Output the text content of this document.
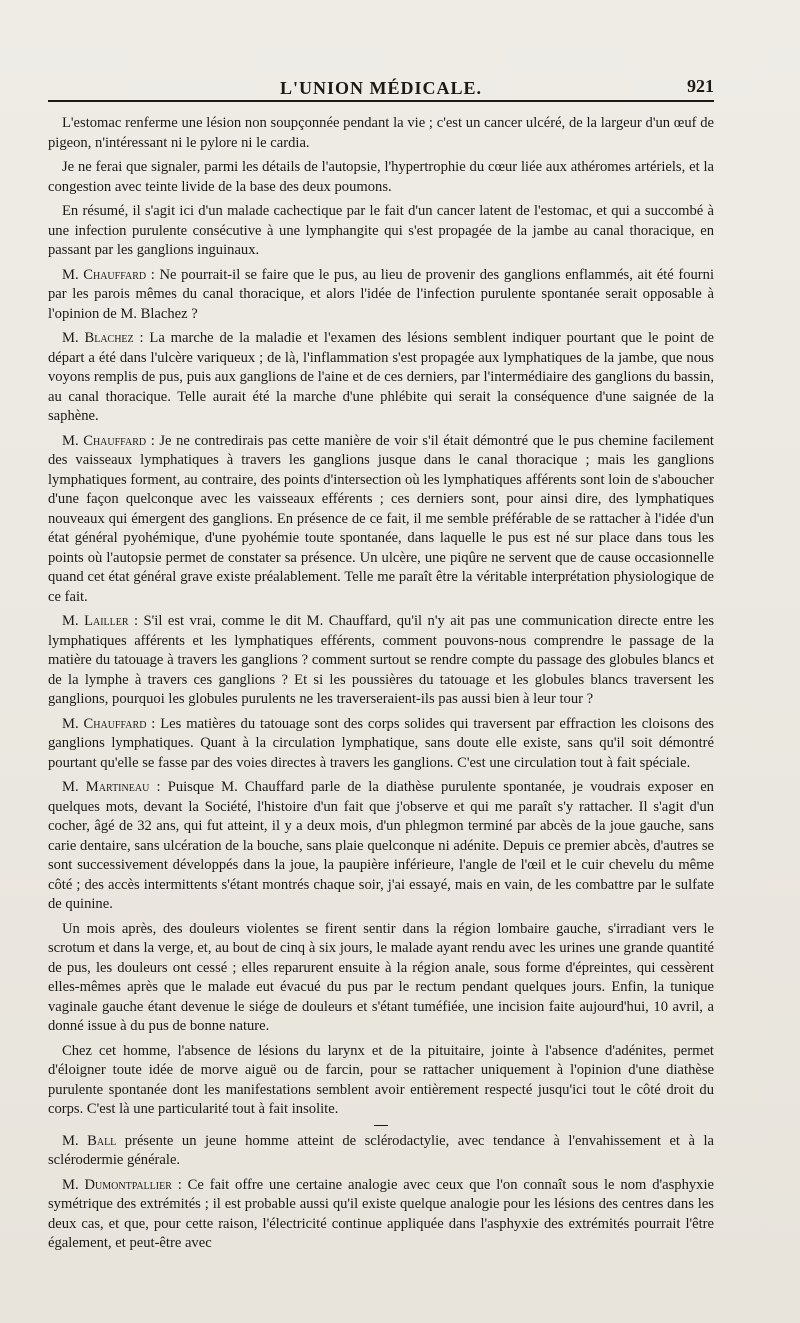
L'UNION MÉDICALE.	921

L'estomac renferme une lésion non soupçonnée pendant la vie ; c'est un cancer ulcéré, de la largeur d'un œuf de pigeon, n'intéressant ni le pylore ni le cardia.

Je ne ferai que signaler, parmi les détails de l'autopsie, l'hypertrophie du cœur liée aux athéromes artériels, et la congestion avec teinte livide de la base des deux poumons.

En résumé, il s'agit ici d'un malade cachectique par le fait d'un cancer latent de l'estomac, et qui a succombé à une infection purulente consécutive à une lymphangite qui s'est propagée de la jambe au canal thoracique, en passant par les ganglions inguinaux.

M. Chauffard : Ne pourrait-il se faire que le pus, au lieu de provenir des ganglions enflammés, ait été fourni par les parois mêmes du canal thoracique, et alors l'idée de l'infection purulente spontanée serait opposable à l'opinion de M. Blachez ?

M. Blachez : La marche de la maladie et l'examen des lésions semblent indiquer pourtant que le point de départ a été dans l'ulcère variqueux ; de là, l'inflammation s'est propagée aux lymphatiques de la jambe, que nous voyons remplis de pus, puis aux ganglions de l'aine et de ces derniers, par l'intermédiaire des ganglions du bassin, au canal thoracique. Telle aurait été la marche d'une phlébite qui serait la conséquence d'une saignée de la saphène.

M. Chauffard : Je ne contredirais pas cette manière de voir s'il était démontré que le pus chemine facilement des vaisseaux lymphatiques à travers les ganglions jusque dans le canal thoracique ; mais les ganglions lymphatiques forment, au contraire, des points d'intersection où les lymphatiques afférents sont loin de s'aboucher d'une façon quelconque avec les vaisseaux efférents ; ces derniers sont, pour ainsi dire, des lymphatiques nouveaux qui émergent des ganglions. En présence de ce fait, il me semble préférable de se rattacher à l'idée d'un état général pyohémique, d'une pyohémie toute spontanée, dans laquelle le pus est né sur place dans tous les points où l'autopsie permet de constater sa présence. Un ulcère, une piqûre ne servent que de cause occasionnelle quand cet état général grave existe préalablement. Telle me paraît être la véritable interprétation physiologique de ce fait.

M. Lailler : S'il est vrai, comme le dit M. Chauffard, qu'il n'y ait pas une communication directe entre les lymphatiques afférents et les lymphatiques efférents, comment pouvons-nous comprendre le passage de la matière du tatouage à travers les ganglions ? comment surtout se rendre compte du passage des globules blancs et de la lymphe à travers ces ganglions ? Et si les poussières du tatouage et les globules blancs traversent les ganglions, pourquoi les globules purulents ne les traverseraient-ils pas aussi bien à leur tour ?

M. Chauffard : Les matières du tatouage sont des corps solides qui traversent par effraction les cloisons des ganglions lymphatiques. Quant à la circulation lymphatique, sans doute elle existe, sans qu'il soit démontré pourtant qu'elle se fasse par des voies directes à travers les ganglions. C'est une circulation tout à fait spéciale.

M. Martineau : Puisque M. Chauffard parle de la diathèse purulente spontanée, je voudrais exposer en quelques mots, devant la Société, l'histoire d'un fait que j'observe et qui me paraît s'y rattacher. Il s'agit d'un cocher, âgé de 32 ans, qui fut atteint, il y a deux mois, d'un phlegmon terminé par abcès de la joue gauche, sans carie dentaire, sans ulcération de la bouche, sans plaie quelconque ni adénite. Depuis ce premier abcès, d'autres se sont successivement développés dans la joue, la paupière inférieure, l'angle de l'œil et le cuir chevelu du même côté ; des accès intermittents s'étant montrés chaque soir, j'ai essayé, mais en vain, de les combattre par le sulfate de quinine.

Un mois après, des douleurs violentes se firent sentir dans la région lombaire gauche, s'irradiant vers le scrotum et dans la verge, et, au bout de cinq à six jours, le malade ayant rendu avec les urines une grande quantité de pus, les douleurs ont cessé ; elles reparurent ensuite à la région anale, sous forme d'épreintes, qui cessèrent elles-mêmes après que le malade eut évacué du pus par le rectum pendant quelques jours. Enfin, la tunique vaginale gauche étant devenue le siége de douleurs et s'étant tuméfiée, une incision faite aujourd'hui, 10 avril, a donné issue à du pus de bonne nature.

Chez cet homme, l'absence de lésions du larynx et de la pituitaire, jointe à l'absence d'adénites, permet d'éloigner toute idée de morve aiguë ou de farcin, pour se rattacher uniquement à l'opinion d'une diathèse purulente spontanée dont les manifestations semblent avoir entièrement respecté jusqu'ici tout le côté droit du corps. C'est là une particularité tout à fait insolite.

M. Ball présente un jeune homme atteint de sclérodactylie, avec tendance à l'envahissement et à la sclérodermie générale.

M. Dumontpallier : Ce fait offre une certaine analogie avec ceux que l'on connaît sous le nom d'asphyxie symétrique des extrémités ; il est probable aussi qu'il existe quelque analogie pour les lésions des centres dans les deux cas, et que, pour cette raison, l'électricité continue appliquée dans l'asphyxie des extrémités pourrait l'être également, et peut-être avec
